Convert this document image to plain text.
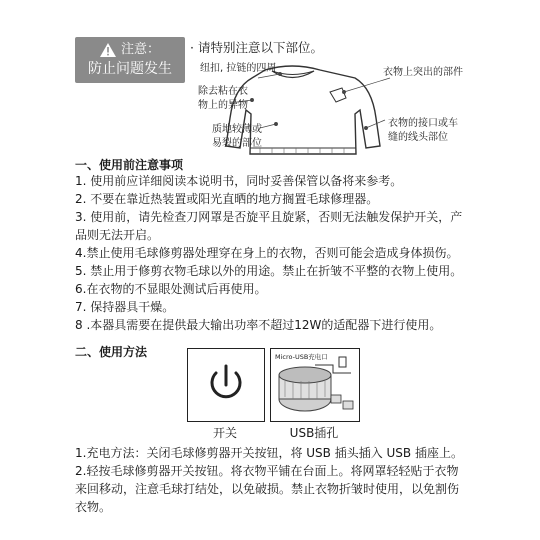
注意：
防止问题发生
· 请特别注意以下部位。
纽扣, 拉链的四周
除去粘在衣
物上的异物
质地较薄或
易裂的部位
衣物上突出的部件
衣物的接口或车
缝的线头部位
一、使用前注意事项
1. 使用前应详细阅读本说明书，同时妥善保管以备将来参考。
2. 不要在靠近热装置或阳光直晒的地方搁置毛球修理器。
3. 使用前，请先检查刀网罩是否旋平且旋紧，否则无法触发保护开关，产
品则无法开启。
4.禁止使用毛球修剪器处理穿在身上的衣物，否则可能会造成身体损伤。
5. 禁止用于修剪衣物毛球以外的用途。禁止在折皱不平整的衣物上使用。
6.在衣物的不显眼处测试后再使用。
7. 保持器具干燥。
8 .本器具需要在提供最大输出功率不超过12W的适配器下进行使用。
二、使用方法
开关
Micro-USB充电口
USB插孔
1.充电方法：关闭毛球修剪器开关按钮，将 USB 插头插入 USB 插座上。
2.轻按毛球修剪器开关按钮。将衣物平铺在台面上。将网罩轻轻贴于衣物
来回移动，注意毛球打结处，以免破损。禁止衣物折皱时使用，以免割伤
衣物。
